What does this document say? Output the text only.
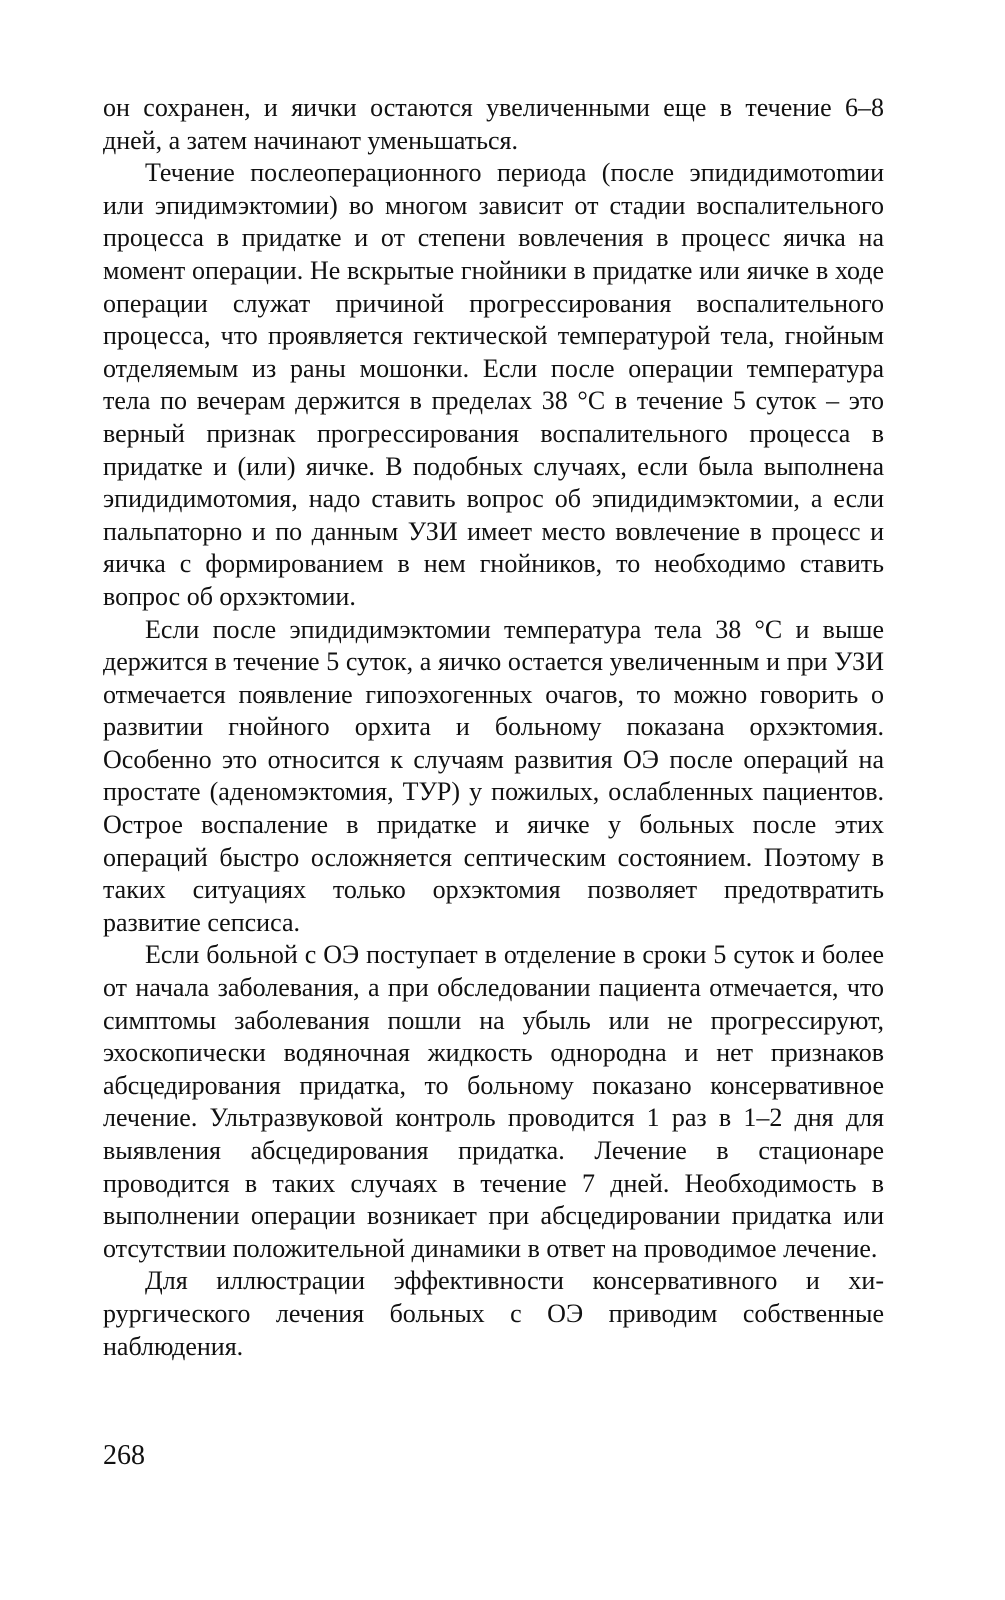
он сохранен, и яички остаются увеличенными еще в течение 6–8 дней, а затем начинают уменьшаться.

Течение послеоперационного периода (после эпидидимотоmии или эпидимэктомии) во многом зависит от стадии воспалительного процесса в придатке и от степени вовлечения в процесс яичка на момент операции. Не вскрытые гнойники в придатке или яичке в ходе операции служат причиной прогрессирования воспалительного процесса, что проявляется гектической температурой тела, гнойным отделяемым из раны мошонки. Если после операции температура тела по вечерам держится в пределах 38 °С в течение 5 суток – это верный признак прогрессирования воспалительного процесса в придатке и (или) яичке. В подобных случаях, если была выполнена эпидидимотомия, надо ставить вопрос об эпидидимэктомии, а если пальпаторно и по данным УЗИ имеет место вовлечение в процесс и яичка с формированием в нем гнойников, то необходимо ставить вопрос об орхэктомии.

Если после эпидидимэктомии температура тела 38 °С и выше держится в течение 5 суток, а яичко остается увеличенным и при УЗИ отмечается появление гипоэхогенных очагов, то можно говорить о развитии гнойного орхита и больному показана орхэктомия. Особенно это относится к случаям развития ОЭ после операций на простате (аденомэктомия, ТУР) у пожилых, ослабленных пациентов. Острое воспаление в придатке и яичке у больных после этих операций быстро осложняется септическим состоянием. Поэтому в таких ситуациях только орхэктомия позволяет предотвратить развитие сепсиса.

Если больной с ОЭ поступает в отделение в сроки 5 суток и более от начала заболевания, а при обследовании пациента отмечается, что симптомы заболевания пошли на убыль или не прогрессируют, эхоскопически водяночная жидкость однородна и нет признаков абсцедирования придатка, то больному показано консервативное лечение. Ультразвуковой контроль проводится 1 раз в 1–2 дня для выявления абсцедирования придатка. Лечение в стационаре проводится в таких случаях в течение 7 дней. Необходимость в выполнении операции возникает при абсцедировании придатка или отсутствии положительной динамики в ответ на проводимое лечение.

Для иллюстрации эффективности консервативного и хирургического лечения больных с ОЭ приводим собственные наблюдения.

268
